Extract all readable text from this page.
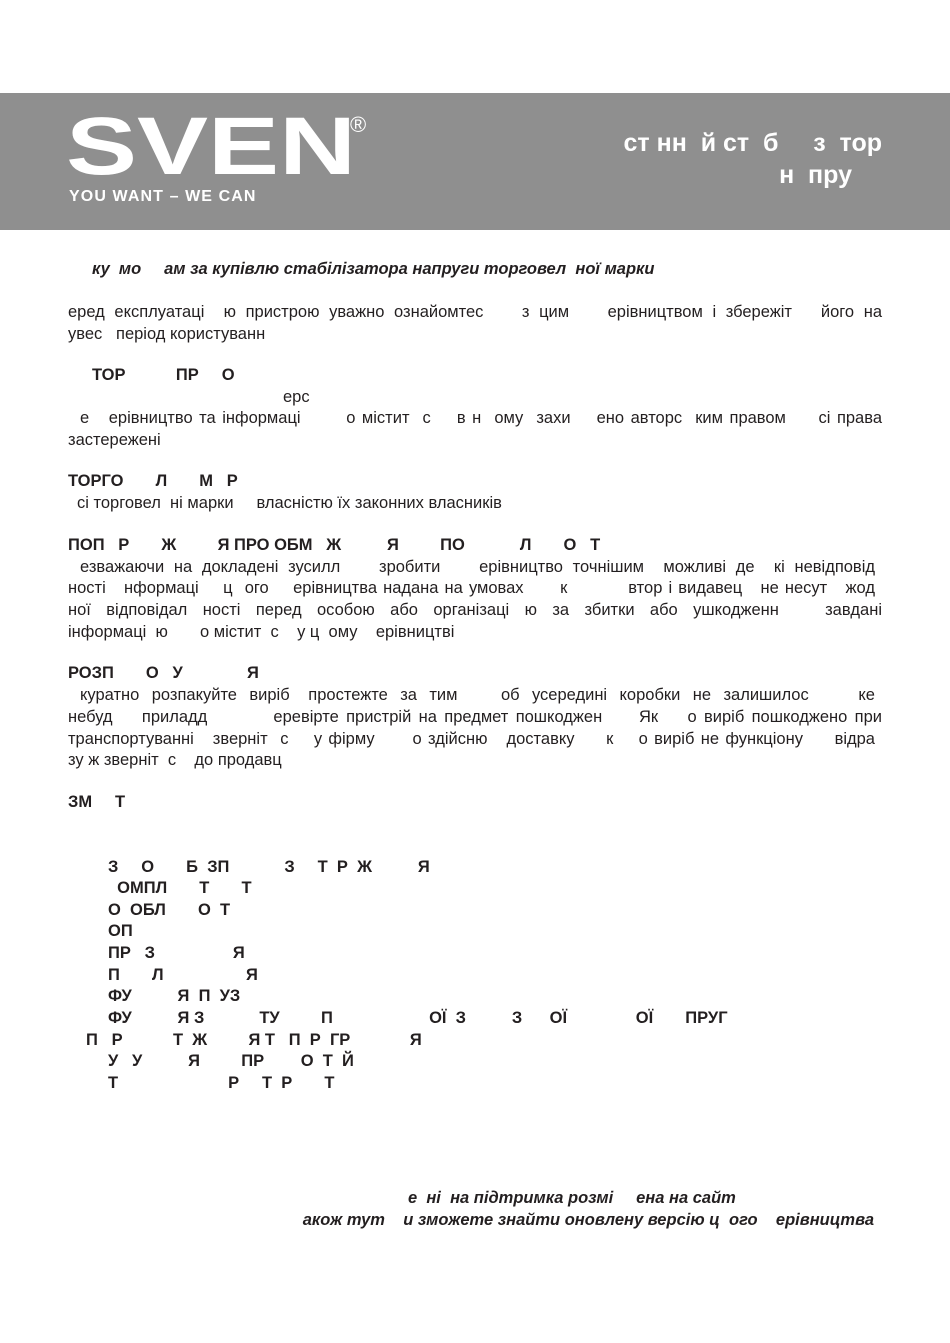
SVEN
®
YOU WANT – WE CAN
ст нн  й ст  б     з  тор
н  пру
ку  мо     ам за купівлю стабілізатора напруги торговел  ної марки
еред експлуатаці  ю пристрою уважно ознайомтес    з цим    ерівництвом і збережіт   його на
увес   період користуванн
ТОР           ПР     О
ерс
е   ерівництво та інформаці       о містит  с    в н  ому  захи    ено авторс  ким правом     сі права
застережені
ТОРГО       Л       М   Р
сі торговел  ні марки     власністю їх законних власників
ПОП   Р       Ж         Я ПРО ОБМ   Ж          Я         ПО            Л       О   Т
езважаючи на докладені зусилл    зробити    ерівництво точнішим  можливі де  кі невідповід
ності   нформаці    ц  ого    ерівництва надана на умовах      к          втор і видавец   не несут   жод
ної  відповідал  ності  перед  особою  або  організаці  ю  за  збитки  або  ушкодженн      завдані
інформаці  ю       о містит  с    у ц  ому    ерівництві
РОЗП       О   У              Я
куратно  розпакуйте  виріб   простежте  за  тим       об  усередині  коробки  не  залишилос        ке
небуд    приладд         еревірте пристрій на предмет пошкоджен     Як    о виріб пошкоджено при
транспортуванні   зверніт  с    у фірму      о здійсню   доставку     к    о виріб не функціону     відра
зу ж зверніт  с    до продавц
ЗМ     Т
З     О       Б  ЗП            З     Т  Р  Ж          Я
ОМПЛ       Т       Т
О  ОБЛ       О  Т
ОП
ПР   З                 Я
П       Л                  Я
ФУ          Я  П  УЗ
ФУ          Я З            ТУ         П                     ОЇ  З          З      ОЇ               ОЇ       ПРУГ
П   Р           Т  Ж         Я Т   П  Р  ГР             Я
У   У          Я         ПР        О  Т  Й
Т                        Р     Т  Р       Т
е  ні  на підтримка розмі     ена на сайт
акож тут    и зможете знайти оновлену версію ц  ого    ерівництва
